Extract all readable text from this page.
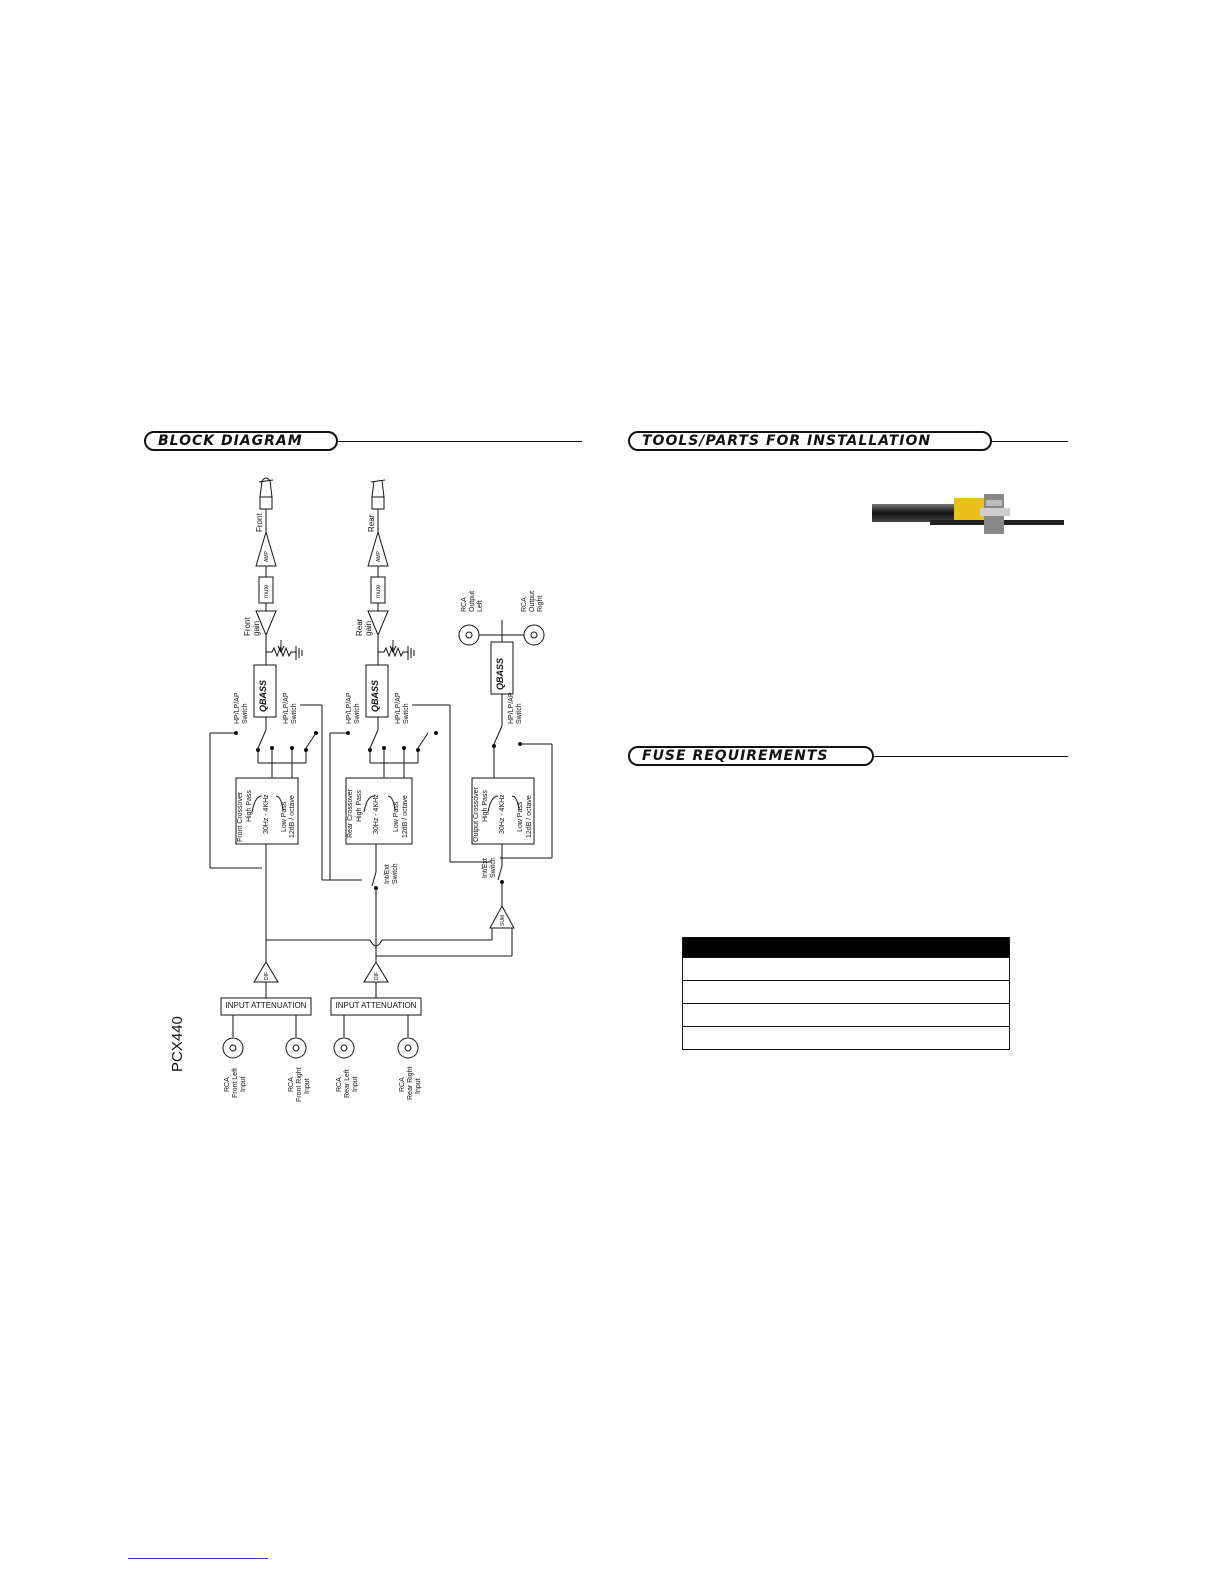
BLOCK DIAGRAM	TOOLS/PARTS FOR INSTALLATION
FUSE REQUIREMENTS
PCX440
Front	Rear
AMP	AMP
mute	mute
Front gain	Rear gain
QBASS	QBASS
QBASS
HP/LP/AP Switch	HP/LP/AP Switch	HP/LP/AP Switch	HP/LP/AP Switch	HP/LP/AP Switch
Front Crossover High Pass 30Hz - 4KHz Low Pass 12dB / octave	Rear Crossover High Pass 30Hz - 4KHz Low Pass 12dB / octave	Output Crossover High Pass 30Hz - 4KHz Low Pass 12dB / octave
Int/Ext Switch	Int/Ext Switch
SUM
DIF	DIF
INPUT ATTENUATION	INPUT ATTENUATION
RCA Output Left	RCA Output Right
RCA Front Left Input	RCA Front Right Input	RCA Rear Left Input	RCA Rear Right Input
